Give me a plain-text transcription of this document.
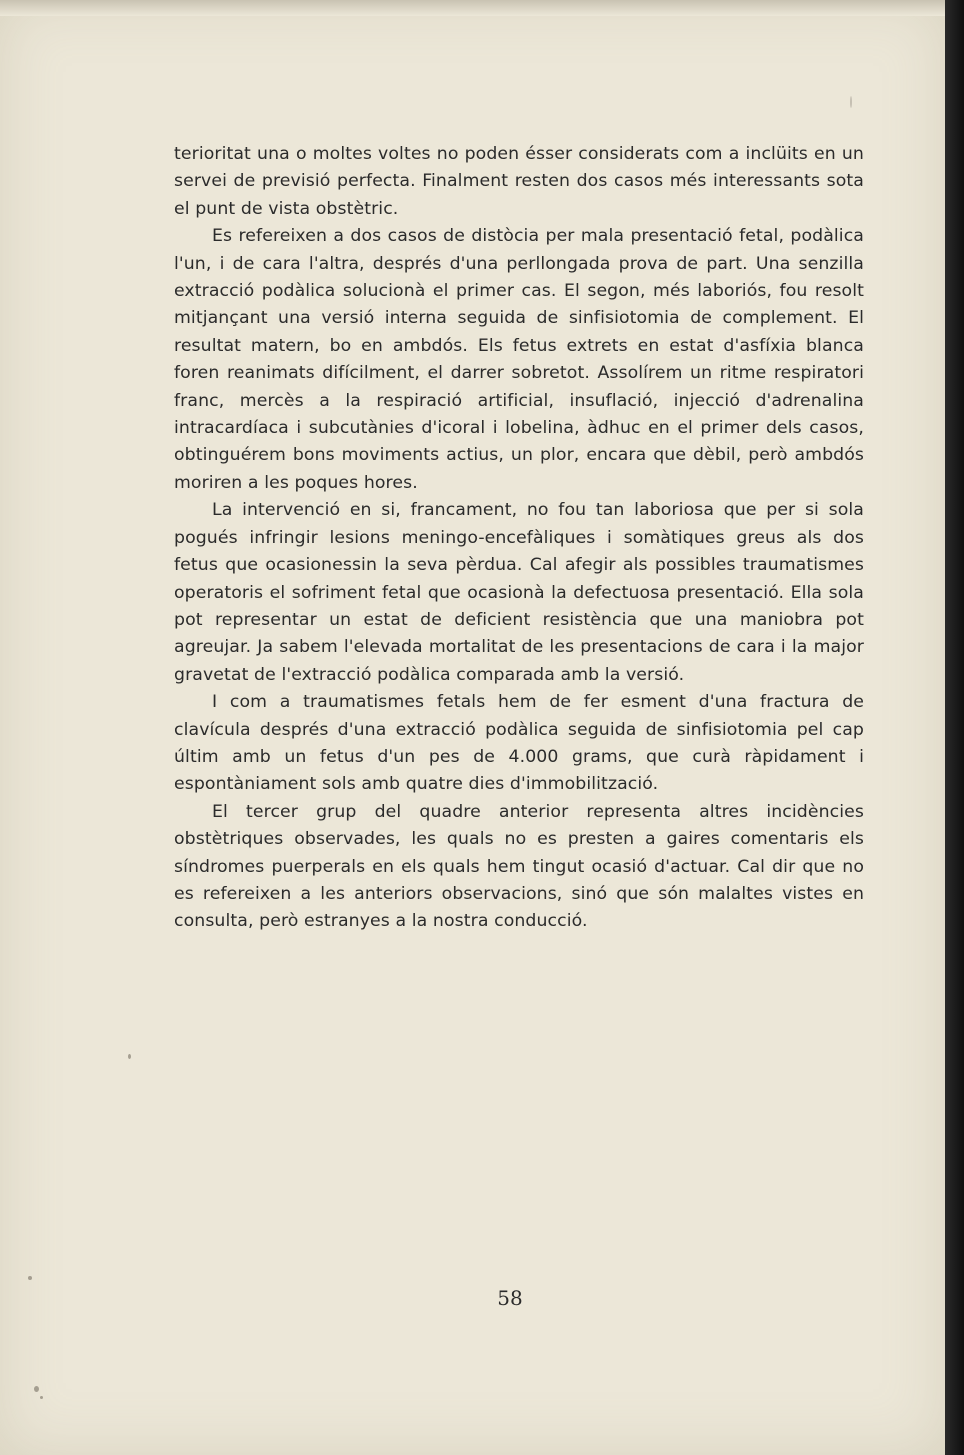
terioritat una o moltes voltes no poden ésser considerats com a inclüits en un servei de previsió perfecta. Finalment resten dos casos més interessants sota el punt de vista obstètric.

Es refereixen a dos casos de distòcia per mala presentació fetal, podàlica l'un, i de cara l'altra, després d'una perllongada prova de part. Una senzilla extracció podàlica solucionà el primer cas. El segon, més laboriós, fou resolt mitjançant una versió interna seguida de sinfisiotomia de complement. El resultat matern, bo en ambdós. Els fetus extrets en estat d'asfíxia blanca foren reanimats difícilment, el darrer sobretot. Assolírem un ritme respiratori franc, mercès a la respiració artificial, insuflació, injecció d'adrenalina intracardíaca i subcutànies d'icoral i lobelina, àdhuc en el primer dels casos, obtinguérem bons moviments actius, un plor, encara que dèbil, però ambdós moriren a les poques hores.

La intervenció en si, francament, no fou tan laboriosa que per si sola pogués infringir lesions meningo-encefàliques i somàtiques greus als dos fetus que ocasionessin la seva pèrdua. Cal afegir als possibles traumatismes operatoris el sofriment fetal que ocasionà la defectuosa presentació. Ella sola pot representar un estat de deficient resistència que una maniobra pot agreujar. Ja sabem l'elevada mortalitat de les presentacions de cara i la major gravetat de l'extracció podàlica comparada amb la versió.

I com a traumatismes fetals hem de fer esment d'una fractura de clavícula després d'una extracció podàlica seguida de sinfisiotomia pel cap últim amb un fetus d'un pes de 4.000 grams, que curà ràpidament i espontàniament sols amb quatre dies d'immobilització.

El tercer grup del quadre anterior representa altres incidències obstètriques observades, les quals no es presten a gaires comentaris els síndromes puerperals en els quals hem tingut ocasió d'actuar. Cal dir que no es refereixen a les anteriors observacions, sinó que són malaltes vistes en consulta, però estranyes a la nostra conducció.

58
